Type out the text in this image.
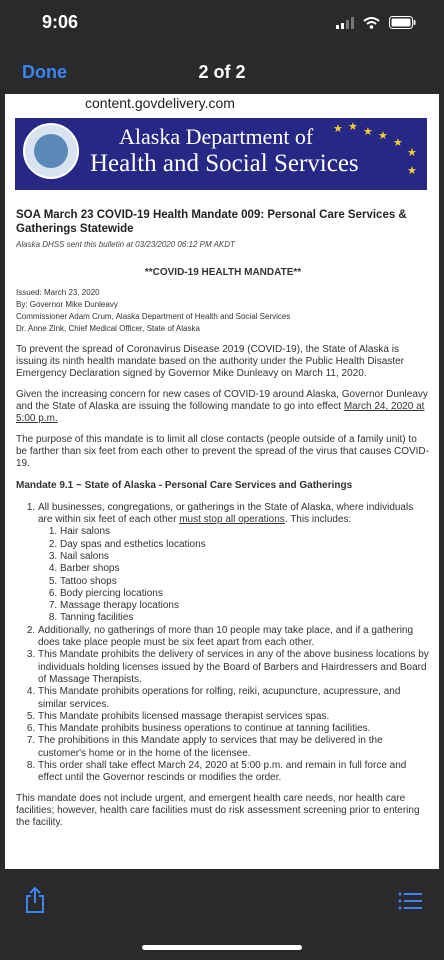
9:06
Done	2 of 2
content.govdelivery.com
Alaska Department of
Health and Social Services
★ ★ ★ ★
★
★
★
SOA March 23 COVID-19 Health Mandate 009: Personal Care Services & Gatherings Statewide
Alaska DHSS sent this bulletin at 03/23/2020 06:12 PM AKDT
**COVID-19 HEALTH MANDATE**
Issued: March 23, 2020
By: Governor Mike Dunleavy
Commissioner Adam Crum, Alaska Department of Health and Social Services
Dr. Anne Zink, Chief Medical Officer, State of Alaska

To prevent the spread of Coronavirus Disease 2019 (COVID-19), the State of Alaska is issuing its ninth health mandate based on the authority under the Public Health Disaster Emergency Declaration signed by Governor Mike Dunleavy on March 11, 2020.

Given the increasing concern for new cases of COVID-19 around Alaska, Governor Dunleavy and the State of Alaska are issuing the following mandate to go into effect March 24, 2020 at 5:00 p.m.

The purpose of this mandate is to limit all close contacts (people outside of a family unit) to be farther than six feet from each other to prevent the spread of the virus that causes COVID-19.

Mandate 9.1 ~ State of Alaska - Personal Care Services and Gatherings
1. All businesses, congregations, or gatherings in the State of Alaska, where individuals are within six feet of each other must stop all operations. This includes:
1. Hair salons
2. Day spas and esthetics locations
3. Nail salons
4. Barber shops
5. Tattoo shops
6. Body piercing locations
7. Massage therapy locations
8. Tanning facilities
2. Additionally, no gatherings of more than 10 people may take place, and if a gathering does take place people must be six feet apart from each other.
3. This Mandate prohibits the delivery of services in any of the above business locations by individuals holding licenses issued by the Board of Barbers and Hairdressers and Board of Massage Therapists.
4. This Mandate prohibits operations for rolfing, reiki, acupuncture, acupressure, and similar services.
5. This Mandate prohibits licensed massage therapist services spas.
6. This Mandate prohibits business operations to continue at tanning facilities.
7. The prohibitions in this Mandate apply to services that may be delivered in the customer's home or in the home of the licensee.
8. This order shall take effect March 24, 2020 at 5:00 p.m. and remain in full force and effect until the Governor rescinds or modifies the order.

This mandate does not include urgent, and emergent health care needs, nor health care facilities; however, health care facilities must do risk assessment screening prior to entering the facility.
